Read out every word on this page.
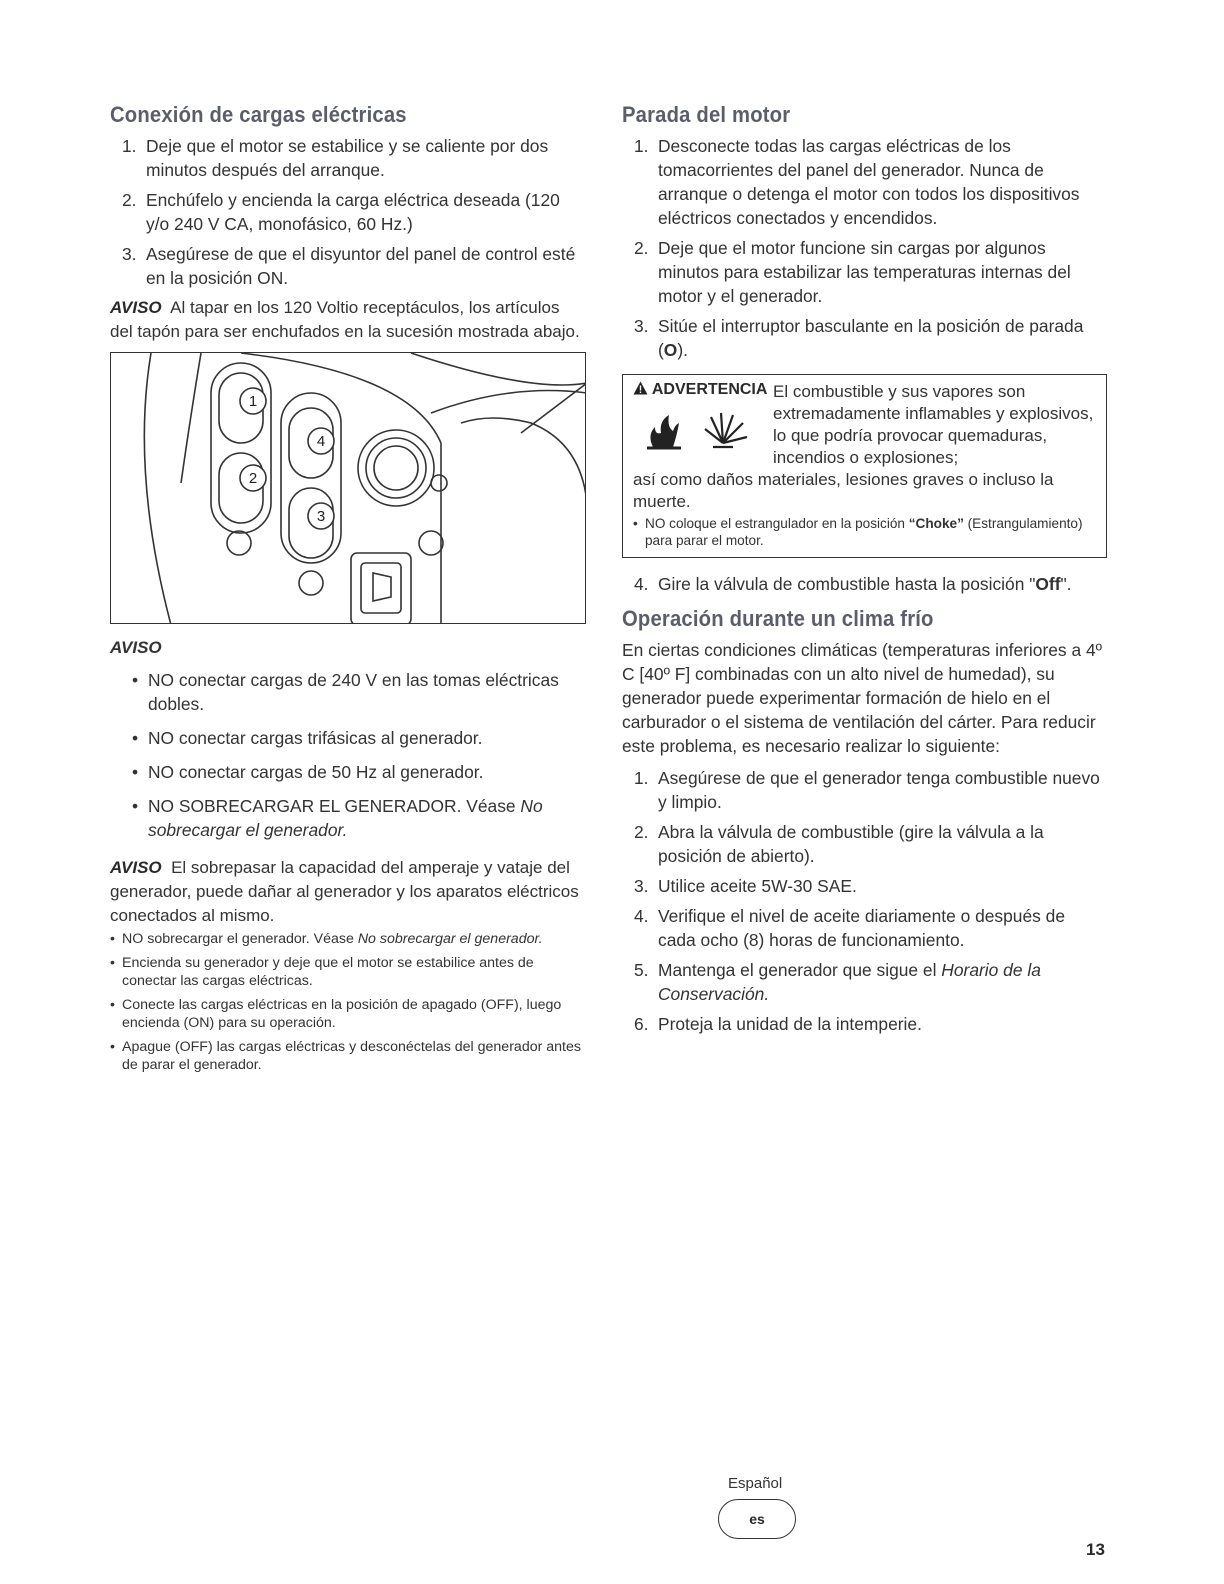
Conexión de cargas eléctricas
1. Deje que el motor se estabilice y se caliente por dos minutos después del arranque.
2. Enchúfelo y encienda la carga eléctrica deseada (120 y/o 240 V CA, monofásico, 60 Hz.)
3. Asegúrese de que el disyuntor del panel de control esté en la posición ON.

AVISO Al tapar en los 120 Voltio receptáculos, los artículos del tapón para ser enchufados en la sucesión mostrada abajo.

1
2
3
4
AVISO
• NO conectar cargas de 240 V en las tomas eléctricas dobles.
• NO conectar cargas trifásicas al generador.
• NO conectar cargas de 50 Hz al generador.
• NO SOBRECARGAR EL GENERADOR. Véase No sobrecargar el generador.

AVISO El sobrepasar la capacidad del amperaje y vataje del generador, puede dañar al generador y los aparatos eléctricos conectados al mismo.

• NO sobrecargar el generador. Véase No sobrecargar el generador.
• Encienda su generador y deje que el motor se estabilice antes de conectar las cargas eléctricas.
• Conecte las cargas eléctricas en la posición de apagado (OFF), luego encienda (ON) para su operación.
• Apague (OFF) las cargas eléctricas y desconéctelas del generador antes de parar el generador.
Parada del motor
1. Desconecte todas las cargas eléctricas de los tomacorrientes del panel del generador. Nunca de arranque o detenga el motor con todos los dispositivos eléctricos conectados y encendidos.
2. Deje que el motor funcione sin cargas por algunos minutos para estabilizar las temperaturas internas del motor y el generador.
3. Sitúe el interruptor basculante en la posición de parada (O).
ADVERTENCIA El combustible y sus vapores son extremadamente inflamables y explosivos, lo que podría provocar quemaduras, incendios o explosiones;
así como daños materiales, lesiones graves o incluso la muerte.
• NO coloque el estrangulador en la posición “Choke” (Estrangulamiento) para parar el motor.
4. Gire la válvula de combustible hasta la posición "Off".
Operación durante un clima frío

En ciertas condiciones climáticas (temperaturas inferiores a 4º C [40º F] combinadas con un alto nivel de humedad), su generador puede experimentar formación de hielo en el carburador o el sistema de ventilación del cárter. Para reducir este problema, es necesario realizar lo siguiente:

1. Asegúrese de que el generador tenga combustible nuevo y limpio.
2. Abra la válvula de combustible (gire la válvula a la posición de abierto).
3. Utilice aceite 5W-30 SAE.
4. Verifique el nivel de aceite diariamente o después de cada ocho (8) horas de funcionamiento.
5. Mantenga el generador que sigue el Horario de la Conservación.
6. Proteja la unidad de la intemperie.
Español
es
13
